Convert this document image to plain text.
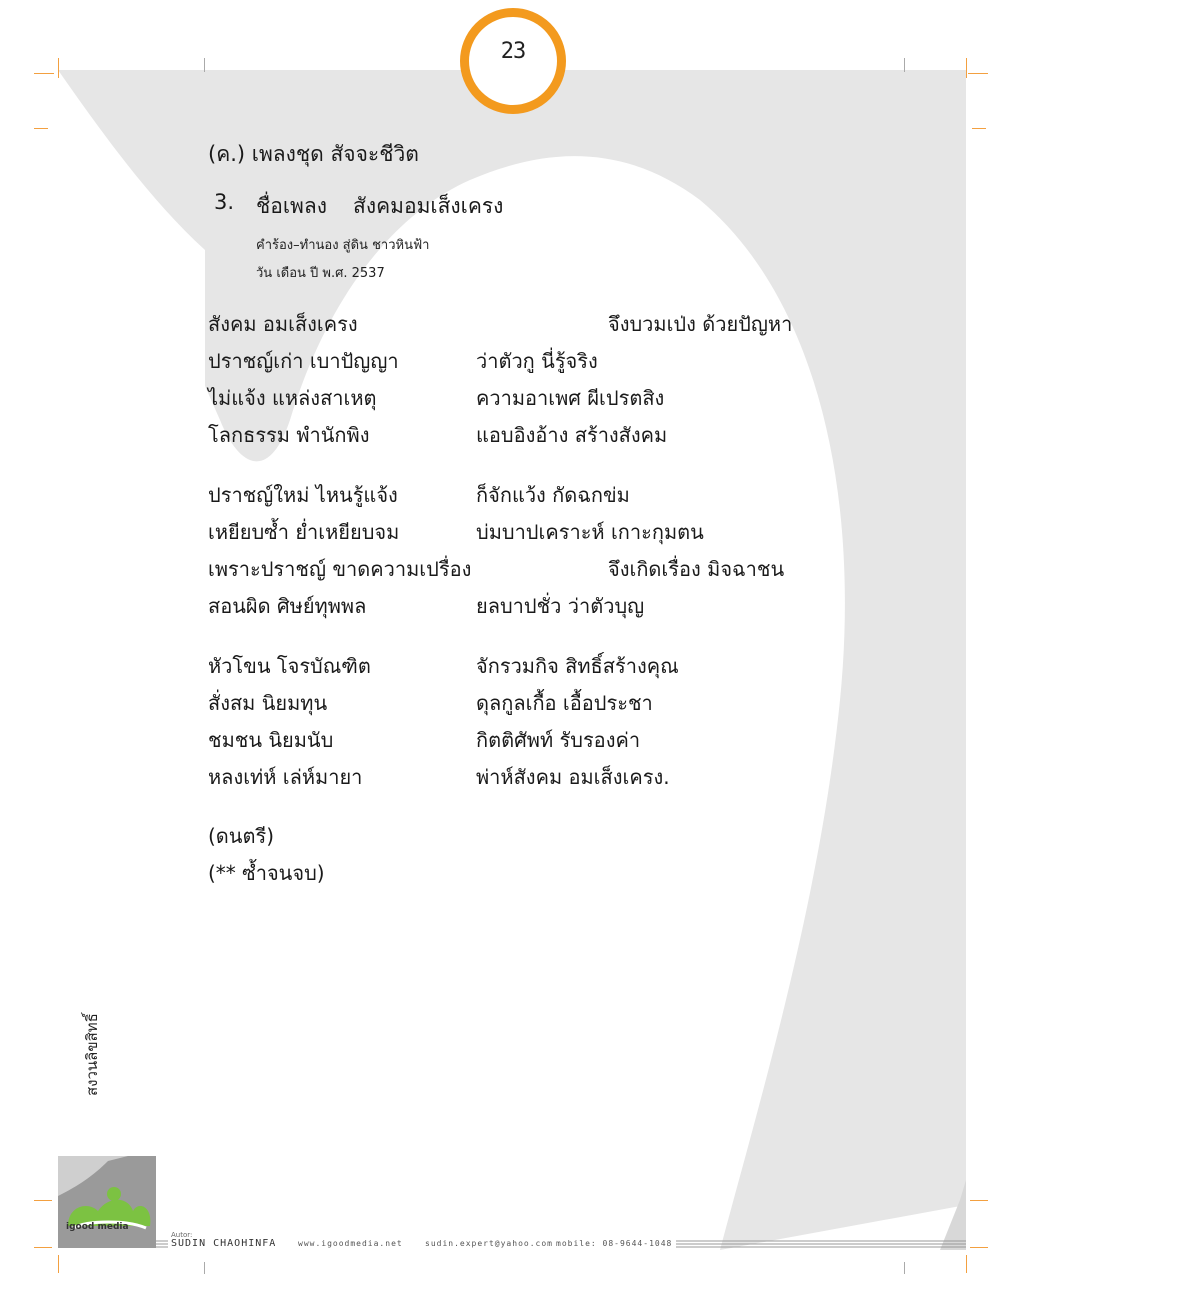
สู่ดิน ชาวหินฟ้า
23
(ค.) เพลงชุด สัจจะชีวิต
3. ชื่อเพลง สังคมอมเส็งเครง
คำร้อง–ทำนอง สู่ดิน ชาวหินฟ้า
วัน เดือน ปี พ.ศ. 2537
สังคม อมเส็งเครง	จึงบวมเป่ง ด้วยปัญหา
ปราชญ์เก่า เบาปัญญา	ว่าตัวกู นี่รู้จริง
ไม่แจ้ง แหล่งสาเหตุ	ความอาเพศ ผีเปรตสิง
โลกธรรม พำนักพิง	แอบอิงอ้าง สร้างสังคม
ปราชญ์ใหม่ ไหนรู้แจ้ง	ก็จักแว้ง กัดฉกข่ม
เหยียบซ้ำ ย่ำเหยียบจม	บ่มบาปเคราะห์ เกาะกุมตน
เพราะปราชญ์ ขาดความเปรื่อง	จึงเกิดเรื่อง มิจฉาชน
สอนผิด ศิษย์ทุพพล	ยลบาปชั่ว ว่าตัวบุญ
หัวโขน โจรบัณฑิต	จักรวมกิจ สิทธิ์สร้างคุณ
สั่งสม นิยมทุน	ดุลกูลเกื้อ เอื้อประชา
ชมชน นิยมนับ	กิตติศัพท์ รับรองค่า
หลงเท่ห์ เล่ห์มายา	พ่าห์สังคม อมเส็งเครง.
(ดนตรี)
(** ซ้ำจนจบ)
สงวนลิขสิทธิ์
igood media
Autor:
SUDIN CHAOHINFA	www.igoodmedia.net	sudin.expert@yahoo.com mobile: 08-9644-1048
